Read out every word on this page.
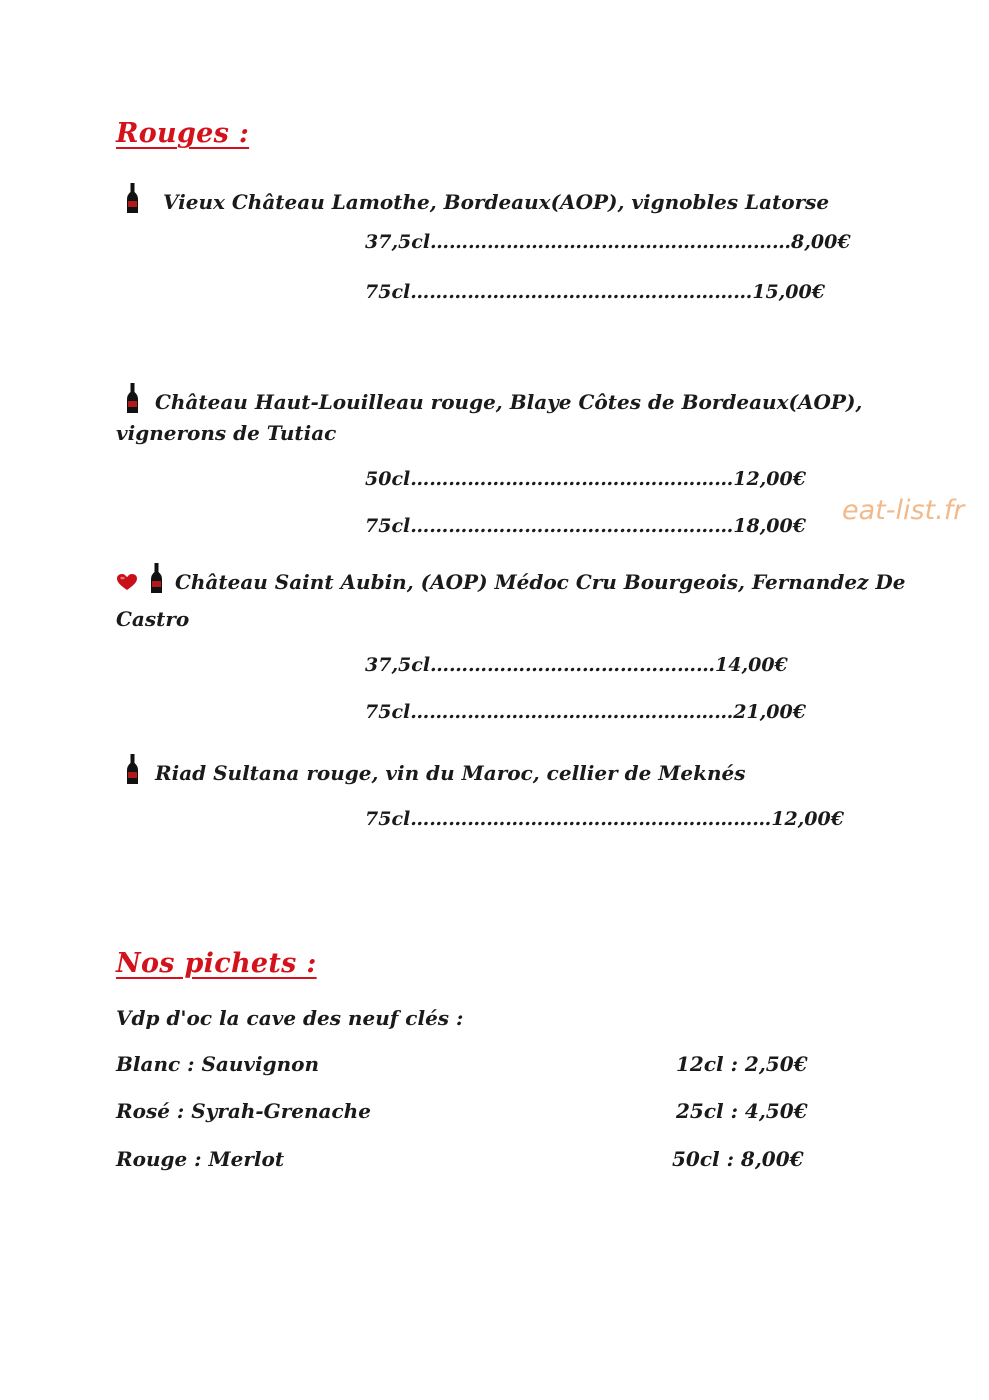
Rouges :
Vieux Château Lamothe, Bordeaux(AOP), vignobles Latorse
37,5cl…………………………………………………8,00€
75cl………………………………………………15,00€
Château Haut-Louilleau rouge, Blaye Côtes de Bordeaux(AOP),
vignerons de Tutiac
50cl……………………………………………12,00€
75cl……………………………………………18,00€ eat-list.fr
Château Saint Aubin, (AOP) Médoc Cru Bourgeois, Fernandez De
Castro
37,5cl………………………………………14,00€
75cl……………………………………………21,00€
Riad Sultana rouge, vin du Maroc, cellier de Meknés
75cl…………………………………………………12,00€
Nos pichets :
Vdp d'oc la cave des neuf clés :
Blanc : Sauvignon	12cl : 2,50€
Rosé : Syrah-Grenache	25cl : 4,50€
Rouge : Merlot	50cl : 8,00€
